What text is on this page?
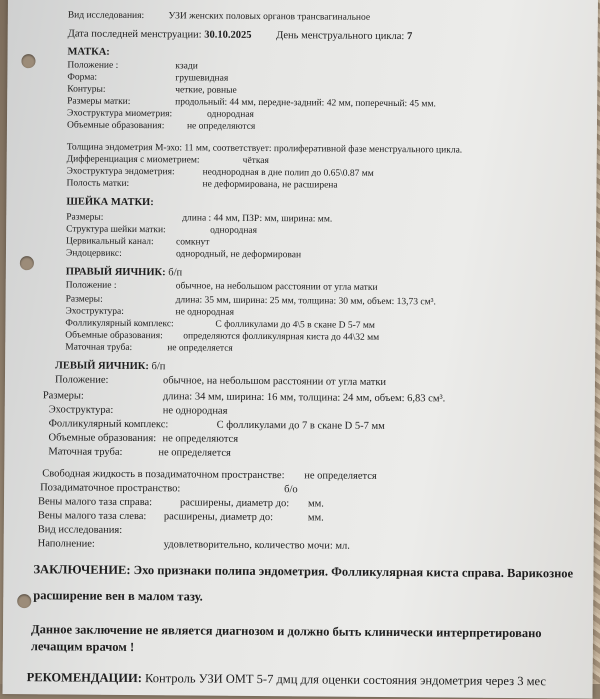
Вид исследования:	УЗИ женских половых органов трансвагинальное
Дата последней менструации: 30.10.2025 День менструального цикла: 7
МАТКА:
Положение :	кзади
Форма:	грушевидная
Контуры:	четкие, ровные
Размеры матки:	продольный: 44 мм, передне-задний: 42 мм, поперечный: 45 мм.
Эхоструктура миометрия:	однородная
Объемные образования: не определяются
Толщина эндометрия М-эхо: 11 мм, соответствует: пролиферативной фазе менструального цикла.
Дифференциация с миометрием:	чёткая
Эхоструктура эндометрия:	неоднородная в дне полип до 0.65\0.87 мм
Полость матки:	не деформирована, не расширена
ШЕЙКА МАТКИ:
Размеры:	длина : 44 мм, ПЗР: мм, ширина: мм.
Структура шейки матки:	однородная
Цервикальный канал: сомкнут
Эндоцервикс:	однородный, не деформирован
ПРАВЫЙ ЯИЧНИК: б/п
Положение :	обычное, на небольшом расстоянии от угла матки
Размеры:	длина: 35 мм, ширина: 25 мм, толщина: 30 мм, объем: 13,73 см³.
Эхоструктура:	не однородная
Фолликулярный комплекс:	С фолликулами до 4\5 в скане D 5-7 мм
Объемные образования: определяются фолликулярная киста до 44\32 мм
Маточная труба:	не определяется
ЛЕВЫЙ ЯИЧНИК: б/п
Положение:	обычное, на небольшом расстоянии от угла матки
Размеры:	длина: 34 мм, ширина: 16 мм, толщина: 24 мм, объем: 6,83 см³.
Эхоструктура:	не однородная
Фолликулярный комплекс:	С фолликулами до 7 в скане D 5-7 мм
Объемные образования: не определяются
Маточная труба:	не определяется
Свободная жидкость в позадиматочном пространстве: не определяется
Позадиматочное пространство:	б/о
Вены малого таза справа:	расширены, диаметр до: мм.
Вены малого таза слева: расширены, диаметр до:	мм.
Вид исследования:
Наполнение:	удовлетворительно, количество мочи: мл.
ЗАКЛЮЧЕНИЕ: Эхо признаки полипа эндометрия. Фолликулярная киста справа. Варикозное
расширение вен в малом тазу.
Данное заключение не является диагнозом и должно быть клинически интерпретировано
лечащим врачом !
РЕКОМЕНДАЦИИ: Контроль УЗИ ОМТ 5-7 дмц для оценки состояния эндометрия через 3 мес
